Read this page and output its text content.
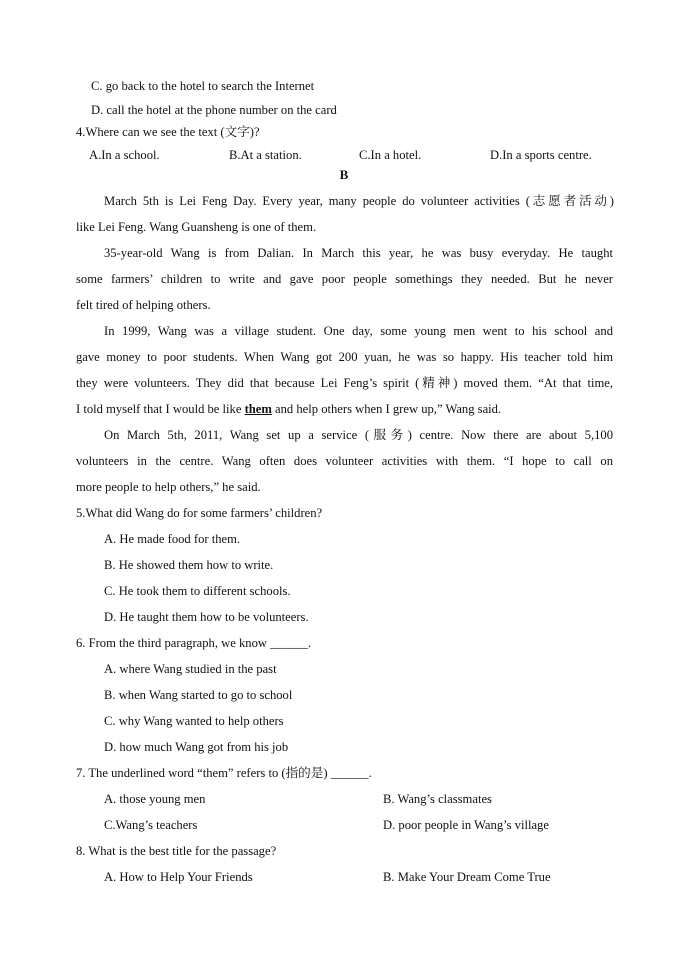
C. go back to the hotel to search the Internet
D. call the hotel at the phone number on the card
4.Where can we see the text (文字)?
A.In a school.	B.At a station.	C.In a hotel.	D.In a sports centre.
B
March 5th is Lei Feng Day. Every year, many people do volunteer activities (志愿者活动)
like Lei Feng. Wang Guansheng is one of them.
35-year-old Wang is from Dalian. In March this year, he was busy everyday. He taught
some farmers’ children to write and gave poor people somethings they needed. But he never
felt tired of helping others.
In 1999, Wang was a village student. One day, some young men went to his school and
gave money to poor students. When Wang got 200 yuan, he was so happy. His teacher told him
they were volunteers. They did that because Lei Feng’s spirit (精神) moved them. “At that time,
I told myself that I would be like them and help others when I grew up,” Wang said.
On March 5th, 2011, Wang set up a service (服务) centre. Now there are about 5,100
volunteers in the centre. Wang often does volunteer activities with them. “I hope to call on
more people to help others,” he said.
5.What did Wang do for some farmers’ children?
A. He made food for them.
B. He showed them how to write.
C. He took them to different schools.
D. He taught them how to be volunteers.
6. From the third paragraph, we know ______.
A. where Wang studied in the past
B. when Wang started to go to school
C. why Wang wanted to help others
D. how much Wang got from his job
7. The underlined word “them” refers to (指的是) ______.
A. those young men	B. Wang’s classmates
C.Wang’s teachers	D. poor people in Wang’s village
8. What is the best title for the passage?
A. How to Help Your Friends	B. Make Your Dream Come True
